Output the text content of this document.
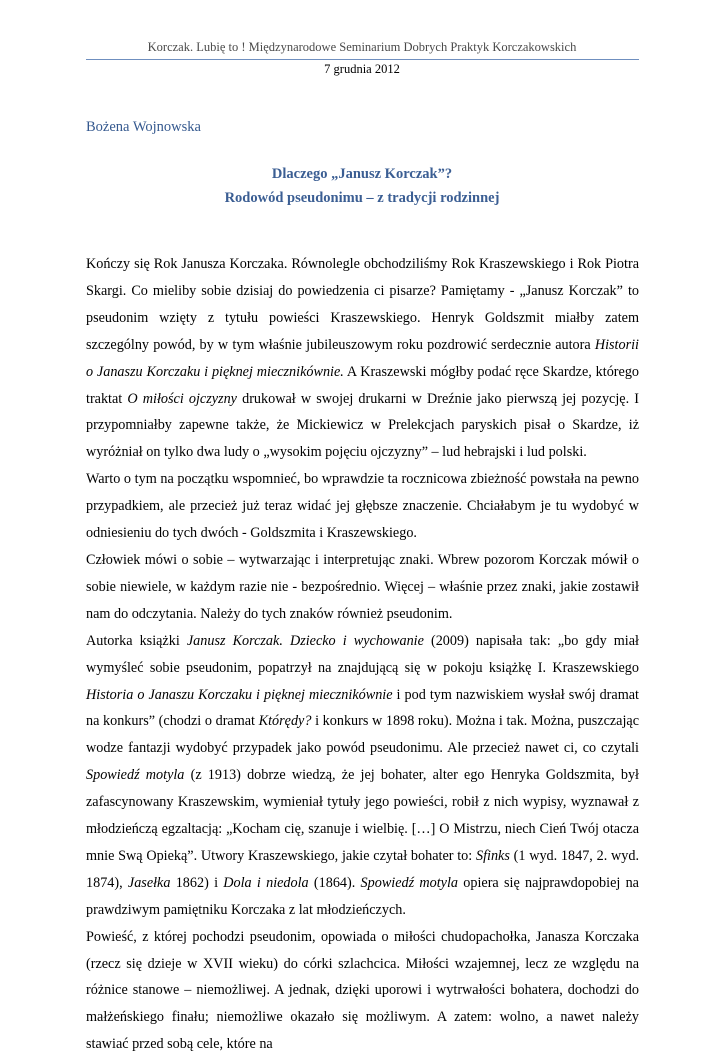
Korczak. Lubię to ! Międzynarodowe Seminarium Dobrych Praktyk Korczakowskich
7 grudnia 2012
Bożena Wojnowska
Dlaczego „Janusz Korczak”?
Rodowód pseudonimu – z tradycji rodzinnej

Kończy się Rok Janusza Korczaka. Równolegle obchodziliśmy Rok Kraszewskiego i Rok Piotra Skargi. Co mieliby sobie dzisiaj do powiedzenia ci pisarze? Pamiętamy - „Janusz Korczak” to pseudonim wzięty z tytułu powieści Kraszewskiego. Henryk Goldszmit miałby zatem szczególny powód, by w tym właśnie jubileuszowym roku pozdrowić serdecznie autora Historii o Janaszu Korczaku i pięknej miecznikównie. A Kraszewski mógłby podać ręce Skardze, którego traktat O miłości ojczyzny drukował w swojej drukarni w Dreźnie jako pierwszą jej pozycję. I przypomniałby zapewne także, że Mickiewicz w Prelekcjach paryskich pisał o Skardze, iż wyróżniał on tylko dwa ludy o „wysokim pojęciu ojczyzny” – lud hebrajski i lud polski.

Warto o tym na początku wspomnieć, bo wprawdzie ta rocznicowa zbieżność powstała na pewno przypadkiem, ale przecież już teraz widać jej głębsze znaczenie. Chciałabym je tu wydobyć w odniesieniu do tych dwóch - Goldszmita i Kraszewskiego.

Człowiek mówi o sobie – wytwarzając i interpretując znaki. Wbrew pozorom Korczak mówił o sobie niewiele, w każdym razie nie - bezpośrednio. Więcej – właśnie przez znaki, jakie zostawił nam do odczytania. Należy do tych znaków również pseudonim.

Autorka książki Janusz Korczak. Dziecko i wychowanie (2009) napisała tak: „bo gdy miał wymyśleć sobie pseudonim, popatrzył na znajdującą się w pokoju książkę I. Kraszewskiego Historia o Janaszu Korczaku i pięknej miecznikównie i pod tym nazwiskiem wysłał swój dramat na konkurs” (chodzi o dramat Którędy? i konkurs w 1898 roku). Można i tak. Można, puszczając wodze fantazji wydobyć przypadek jako powód pseudonimu. Ale przecież nawet ci, co czytali Spowiedź motyla (z 1913) dobrze wiedzą, że jej bohater, alter ego Henryka Goldszmita, był zafascynowany Kraszewskim, wymieniał tytuły jego powieści, robił z nich wypisy, wyznawał z młodzieńczą egzaltacją: „Kocham cię, szanuje i wielbię. […] O Mistrzu, niech Cień Twój otacza mnie Swą Opieką”. Utwory Kraszewskiego, jakie czytał bohater to: Sfinks (1 wyd. 1847, 2. wyd. 1874), Jasełka 1862) i Dola i niedola (1864). Spowiedź motyla opiera się najprawdopobiej na prawdziwym pamiętniku Korczaka z lat młodzieńczych.

Powieść, z której pochodzi pseudonim, opowiada o miłości chudopachołka, Janasza Korczaka (rzecz się dzieje w XVII wieku) do córki szlachcica. Miłości wzajemnej, lecz ze względu na różnice stanowe – niemożliwej. A jednak, dzięki uporowi i wytrwałości bohatera, dochodzi do małżeńskiego finału; niemożliwe okazało się możliwym. A zatem: wolno, a nawet należy stawiać przed sobą cele, które na
